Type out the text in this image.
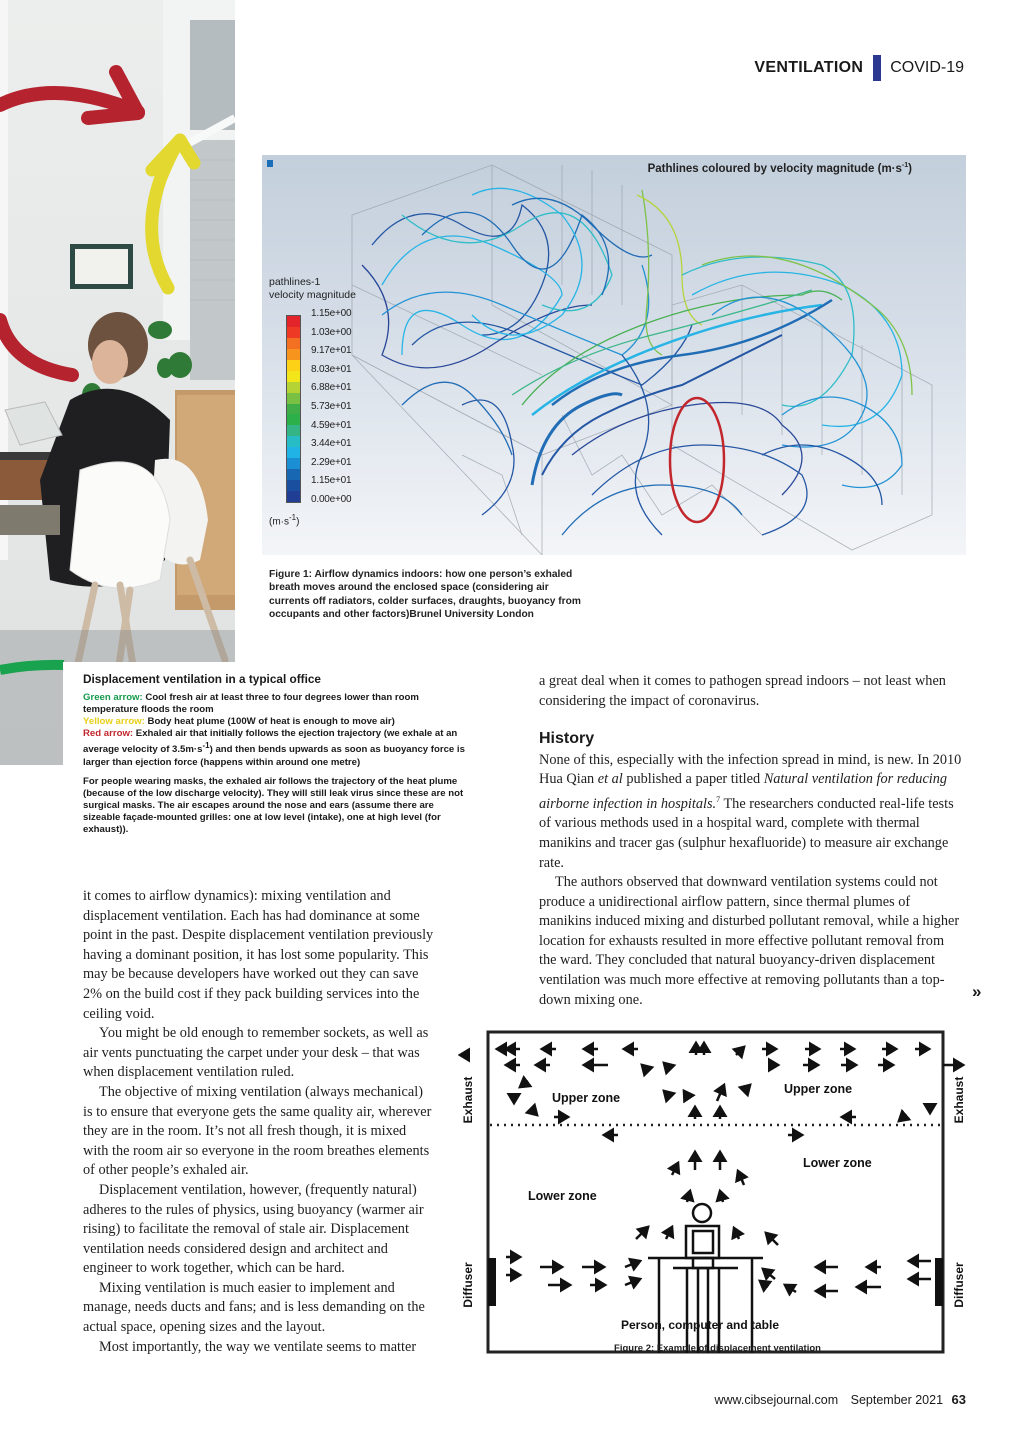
VENTILATION COVID-19
Pathlines coloured by velocity magnitude $(m\cdot s^{-1})$
pathlines-1
velocity magnitude
1.15e+00
1.03e+00
9.17e+01
8.03e+01
6.88e+01
5.73e+01
4.59e+01
3.44e+01
2.29e+01
1.15e+01
0.00e+00
$(m\cdot s^{-1})$
Figure 1: Airflow dynamics indoors: how one person’s exhaled breath moves around the enclosed space (considering air currents off radiators, colder surfaces, draughts, buoyancy from occupants and other factors)Brunel University London
Displacement ventilation in a typical office

Green arrow: Cool fresh air at least three to four degrees lower than room temperature floods the room

Yellow arrow: Body heat plume (100W of heat is enough to move air)

Red arrow: Exhaled air that initially follows the ejection trajectory (we exhale at an average velocity of $3.5m\cdot s^{-1}$) and then bends upwards as soon as buoyancy force is larger than ejection force (happens within around one metre)

For people wearing masks, the exhaled air follows the trajectory of the heat plume (because of the low discharge velocity). They will still leak virus since these are not surgical masks. The air escapes around the nose and ears (assume there are sizeable façade-mounted grilles: one at low level (intake), one at high level (for exhaust)).

it comes to airflow dynamics): mixing ventilation and displacement ventilation. Each has had dominance at some point in the past. Despite displacement ventilation previously having a dominant position, it has lost some popularity. This may be because developers have worked out they can save 2% on the build cost if they pack building services into the ceiling void.

You might be old enough to remember sockets, as well as air vents punctuating the carpet under your desk – that was when displacement ventilation ruled.

The objective of mixing ventilation (always mechanical) is to ensure that everyone gets the same quality air, wherever they are in the room. It’s not all fresh though, it is mixed with the room air so everyone in the room breathes elements of other people’s exhaled air.

Displacement ventilation, however, (frequently natural) adheres to the rules of physics, using buoyancy (warmer air rising) to facilitate the removal of stale air. Displacement ventilation needs considered design and architect and engineer to work together, which can be hard.

Mixing ventilation is much easier to implement and manage, needs ducts and fans; and is less demanding on the actual space, opening sizes and the layout.

Most importantly, the way we ventilate seems to matter

a great deal when it comes to pathogen spread indoors – not least when considering the impact of coronavirus.

History

None of this, especially with the infection spread in mind, is new. In 2010 Hua Qian et al published a paper titled Natural ventilation for reducing airborne infection in hospitals.$^7$ The researchers conducted real-life tests of various methods used in a hospital ward, complete with thermal manikins and tracer gas (sulphur hexafluoride) to measure air exchange rate.

The authors observed that downward ventilation systems could not produce a unidirectional airflow pattern, since thermal plumes of manikins induced mixing and disturbed pollutant removal, while a higher location for exhausts resulted in more effective pollutant removal from the ward. They concluded that natural buoyancy-driven displacement ventilation was much more effective at removing pollutants than a top-down mixing one.	»
Exhaust	Exhaust
Diffuser	Diffuser
Upper zone
Upper zone
Lower zone
Lower zone
Person, computer and table
Figure 2: Example of displacement ventilation
www.cibsejournal.com September 2021 63
